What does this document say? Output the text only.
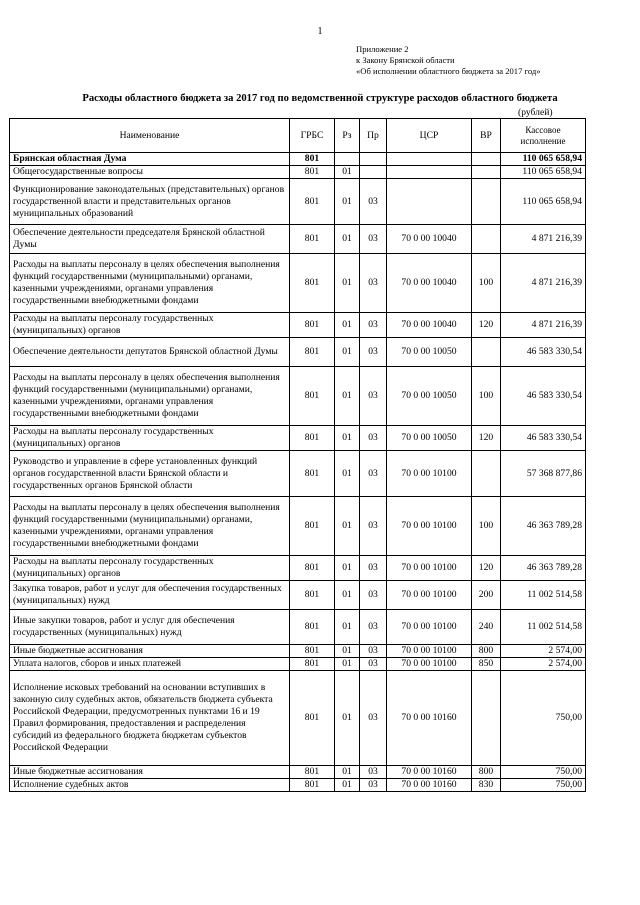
1
Приложение 2
к Закону Брянской области
«Об исполнении областного бюджета за 2017 год»
Расходы областного бюджета за 2017 год по ведомственной структуре расходов областного бюджета
(рублей)
Наименование	ГРБС	Рз	Пр	ЦСР	ВР	Кассовое
исполнение

Брянская областная Дума	801					110 065 658,94
Общегосударственные вопросы	801	01				110 065 658,94
Функционирование законодательных (представительных) органов государственной власти и представительных органов муниципальных образований	801	01	03			110 065 658,94
Обеспечение деятельности председателя Брянской областной Думы	801	01	03	70 0 00 10040		4 871 216,39
Расходы на выплаты персоналу в целях обеспечения выполнения функций государственными (муниципальными) органами, казенными учреждениями, органами управления государственными внебюджетными фондами	801	01	03	70 0 00 10040	100	4 871 216,39
Расходы на выплаты персоналу государственных (муниципальных) органов	801	01	03	70 0 00 10040	120	4 871 216,39
Обеспечение деятельности депутатов Брянской областной Думы	801	01	03	70 0 00 10050		46 583 330,54
Расходы на выплаты персоналу в целях обеспечения выполнения функций государственными (муниципальными) органами, казенными учреждениями, органами управления государственными внебюджетными фондами	801	01	03	70 0 00 10050	100	46 583 330,54
Расходы на выплаты персоналу государственных (муниципальных) органов	801	01	03	70 0 00 10050	120	46 583 330,54
Руководство и управление в сфере установленных функций органов государственной власти Брянской области и государственных органов Брянской области	801	01	03	70 0 00 10100		57 368 877,86
Расходы на выплаты персоналу в целях обеспечения выполнения функций государственными (муниципальными) органами, казенными учреждениями, органами управления государственными внебюджетными фондами	801	01	03	70 0 00 10100	100	46 363 789,28
Расходы на выплаты персоналу государственных (муниципальных) органов	801	01	03	70 0 00 10100	120	46 363 789,28
Закупка товаров, работ и услуг для обеспечения государственных (муниципальных) нужд	801	01	03	70 0 00 10100	200	11 002 514,58
Иные закупки товаров, работ и услуг для обеспечения государственных (муниципальных) нужд	801	01	03	70 0 00 10100	240	11 002 514,58
Иные бюджетные ассигнования	801	01	03	70 0 00 10100	800	2 574,00
Уплата налогов, сборов и иных платежей	801	01	03	70 0 00 10100	850	2 574,00
Исполнение исковых требований на основании вступивших в законную силу судебных актов, обязательств бюджета субъекта Российской Федерации, предусмотренных пунктами 16 и 19 Правил формирования, предоставления и распределения субсидий из федерального бюджета бюджетам субъектов Российской Федерации	801	01	03	70 0 00 10160		750,00
Иные бюджетные ассигнования	801	01	03	70 0 00 10160	800	750,00
Исполнение судебных актов	801	01	03	70 0 00 10160	830	750,00
